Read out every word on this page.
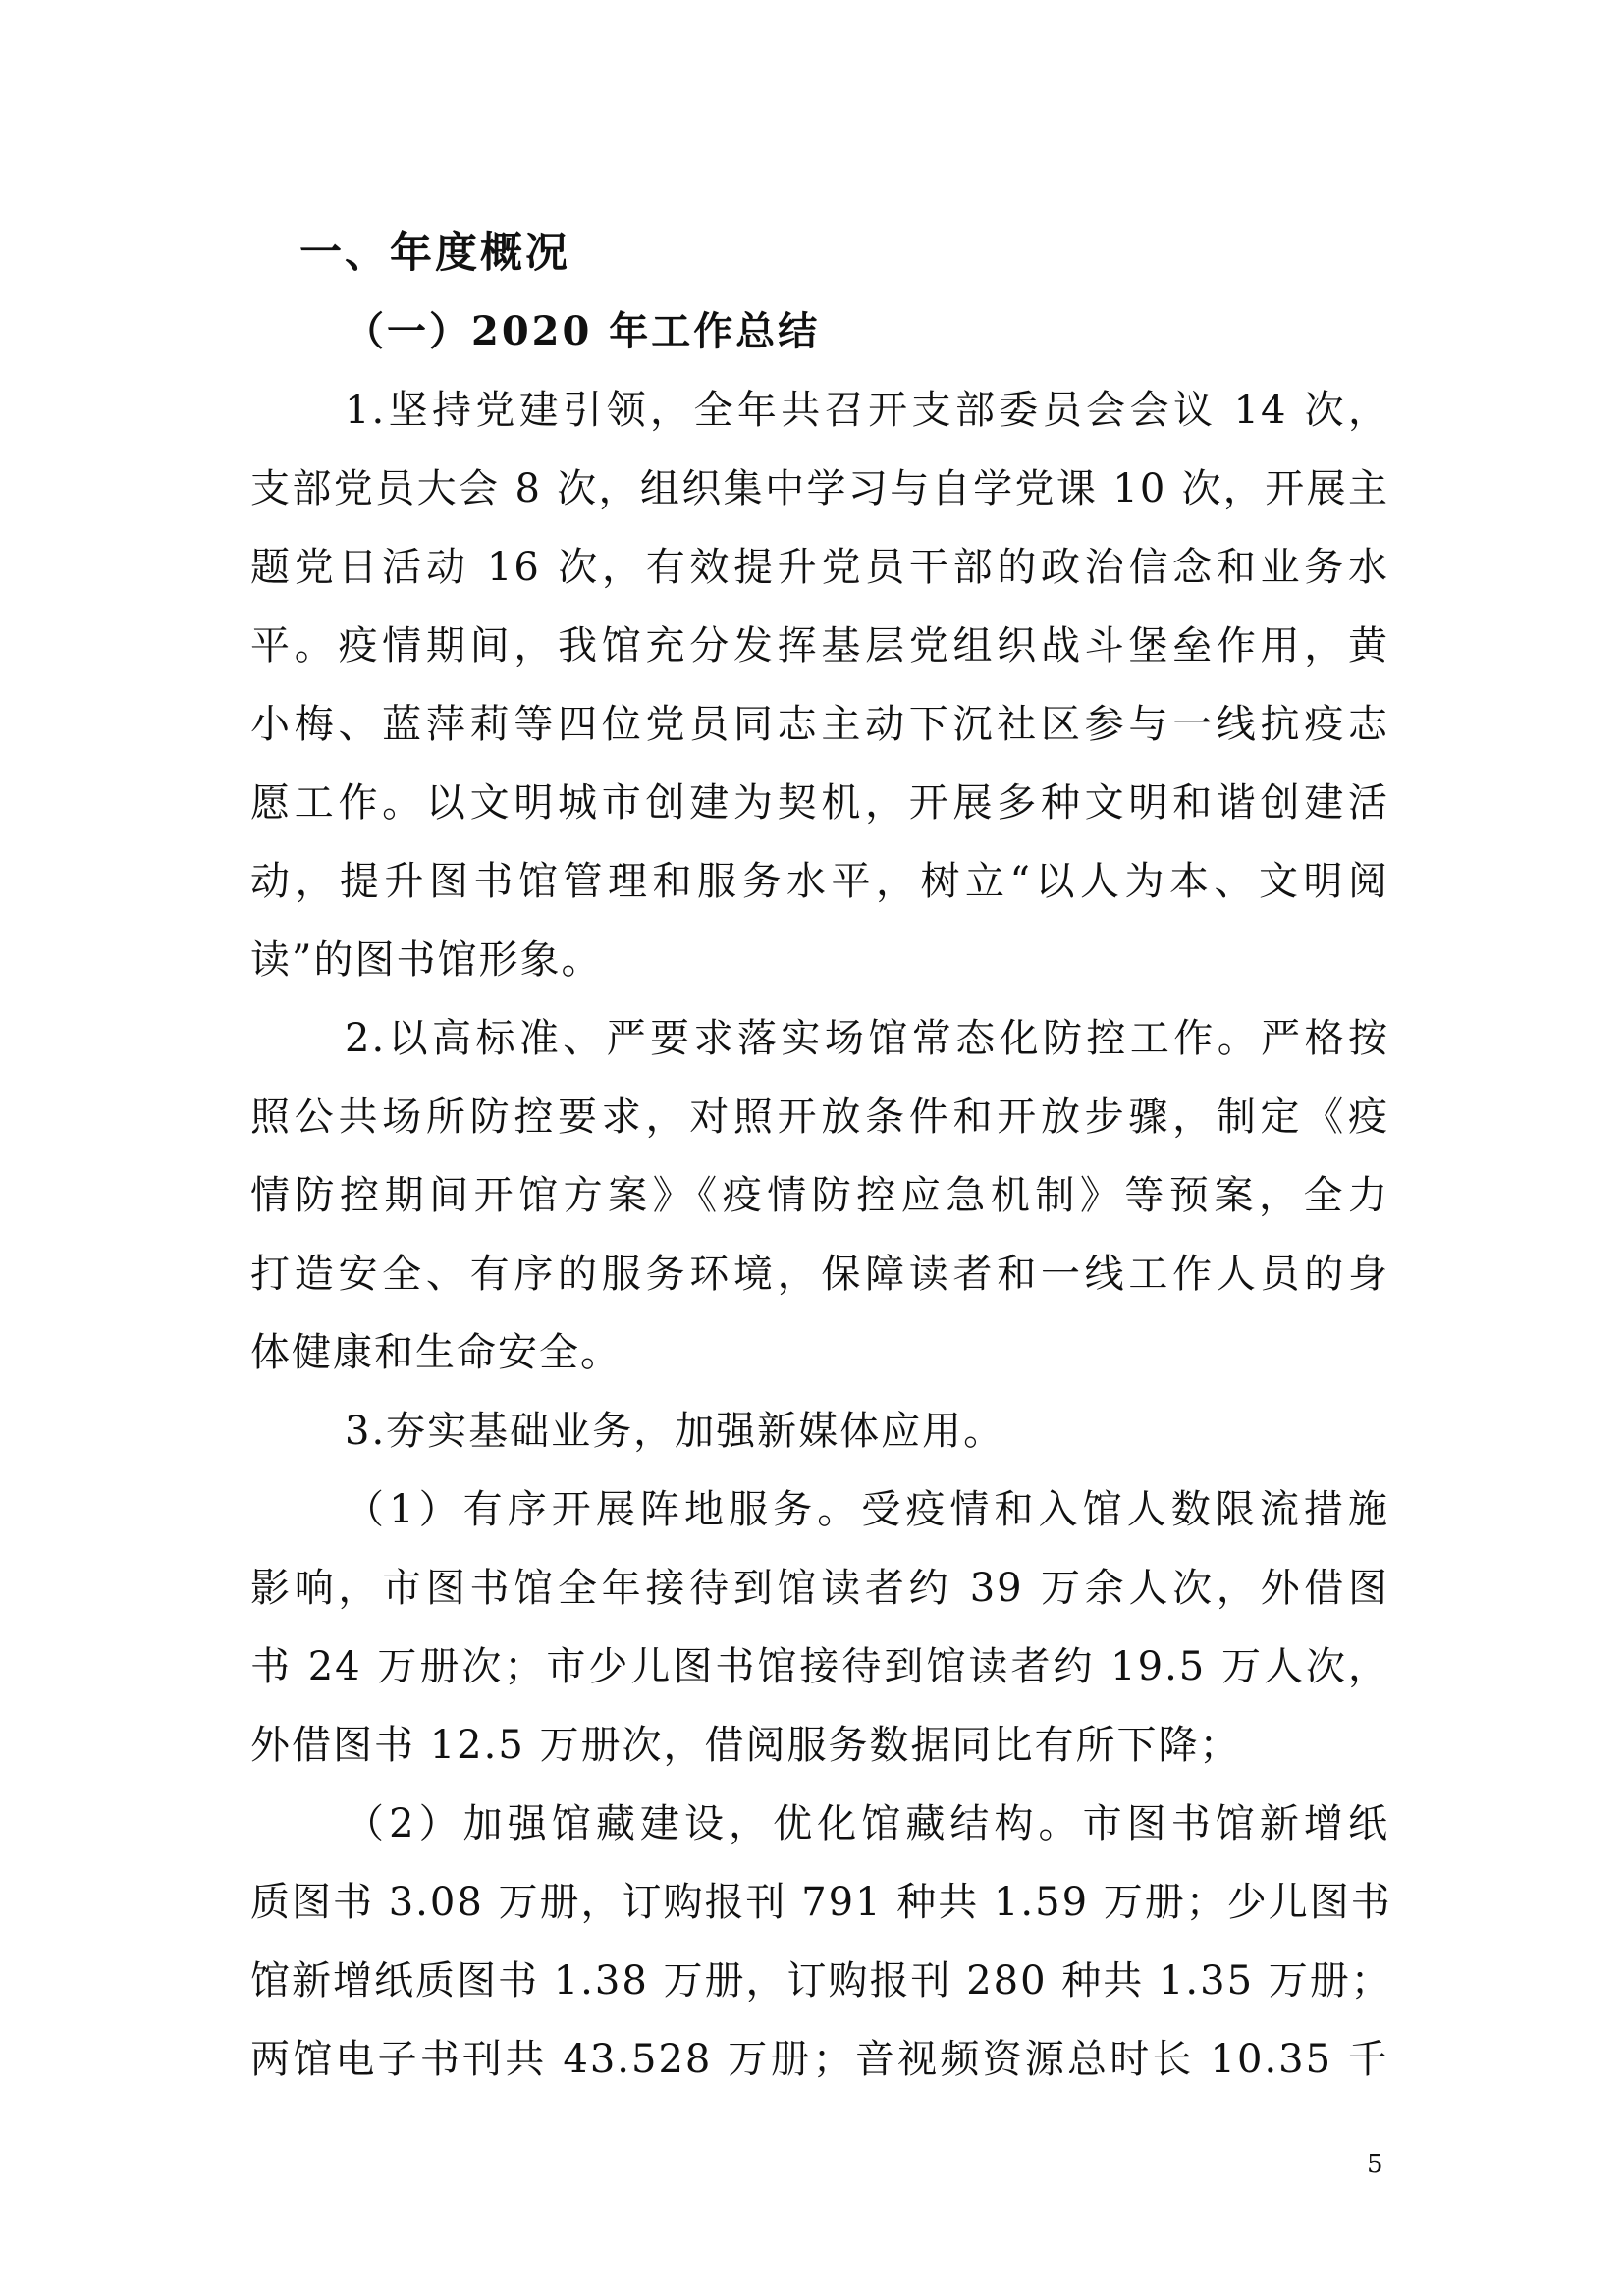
一、年度概况
（一）2020 年工作总结

1.坚持党建引领，全年共召开支部委员会会议 14 次，
支部党员大会 8 次，组织集中学习与自学党课 10 次，开展主
题党日活动 16 次，有效提升党员干部的政治信念和业务水
平。疫情期间，我馆充分发挥基层党组织战斗堡垒作用，黄
小梅、蓝萍莉等四位党员同志主动下沉社区参与一线抗疫志
愿工作。以文明城市创建为契机，开展多种文明和谐创建活
动，提升图书馆管理和服务水平，树立“以人为本、文明阅
读”的图书馆形象。

2.以高标准、严要求落实场馆常态化防控工作。严格按
照公共场所防控要求，对照开放条件和开放步骤，制定《疫
情防控期间开馆方案》《疫情防控应急机制》等预案，全力
打造安全、有序的服务环境，保障读者和一线工作人员的身
体健康和生命安全。

3.夯实基础业务，加强新媒体应用。

（1）有序开展阵地服务。受疫情和入馆人数限流措施
影响，市图书馆全年接待到馆读者约 39 万余人次，外借图
书 24 万册次；市少儿图书馆接待到馆读者约 19.5 万人次，
外借图书 12.5 万册次，借阅服务数据同比有所下降；

（2）加强馆藏建设，优化馆藏结构。市图书馆新增纸
质图书 3.08 万册，订购报刊 791 种共 1.59 万册；少儿图书
馆新增纸质图书 1.38 万册，订购报刊 280 种共 1.35 万册；
两馆电子书刊共 43.528 万册；音视频资源总时长 10.35 千

5
